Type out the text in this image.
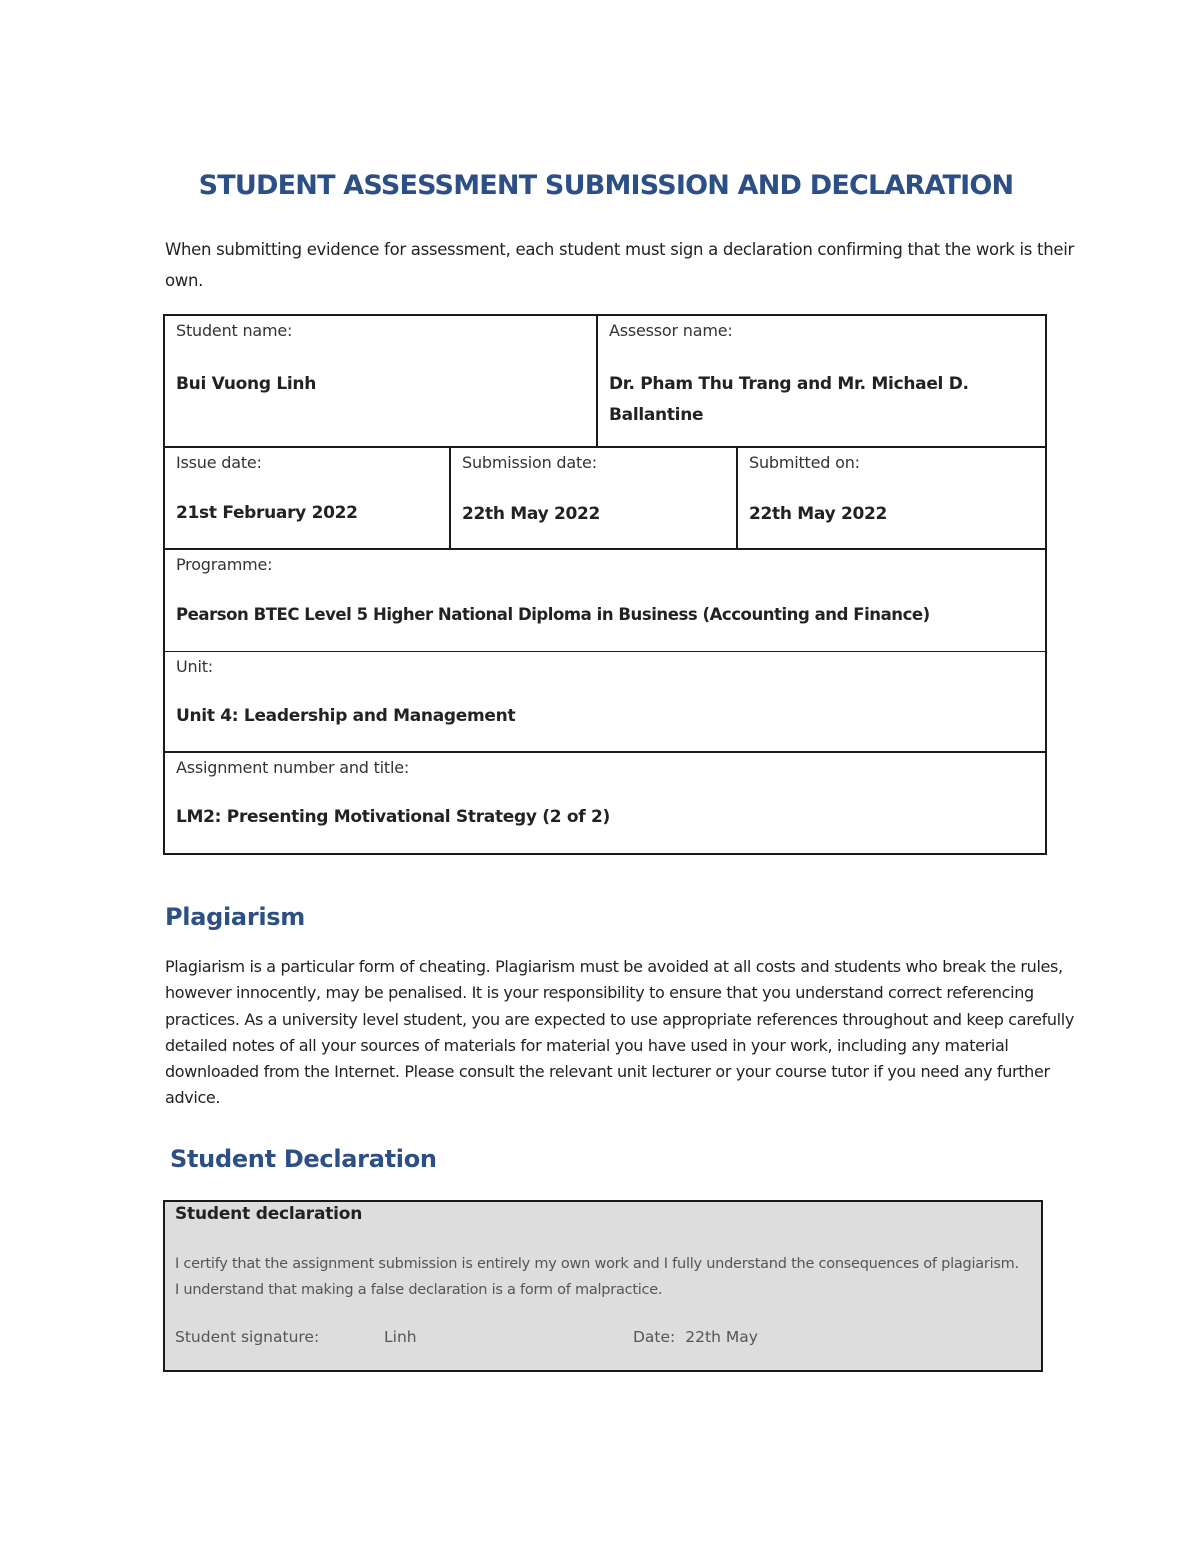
STUDENT ASSESSMENT SUBMISSION AND DECLARATION
When submitting evidence for assessment, each student must sign a declaration confirming that the work is their own.
Student name:
Bui Vuong Linh
Assessor name:
Dr. Pham Thu Trang and Mr. Michael D. Ballantine
Issue date:
21st February 2022
Submission date:
22th May 2022
Submitted on:
22th May 2022
Programme:
Pearson BTEC Level 5 Higher National Diploma in Business (Accounting and Finance)
Unit:
Unit 4: Leadership and Management
Assignment number and title:
LM2: Presenting Motivational Strategy (2 of 2)
Plagiarism
Plagiarism is a particular form of cheating. Plagiarism must be avoided at all costs and students who break the rules, however innocently, may be penalised. It is your responsibility to ensure that you understand correct referencing practices. As a university level student, you are expected to use appropriate references throughout and keep carefully detailed notes of all your sources of materials for material you have used in your work, including any material downloaded from the Internet. Please consult the relevant unit lecturer or your course tutor if you need any further advice.
Student Declaration
Student declaration
I certify that the assignment submission is entirely my own work and I fully understand the consequences of plagiarism. I understand that making a false declaration is a form of malpractice.
Student signature:	Linh	Date: 22th May
